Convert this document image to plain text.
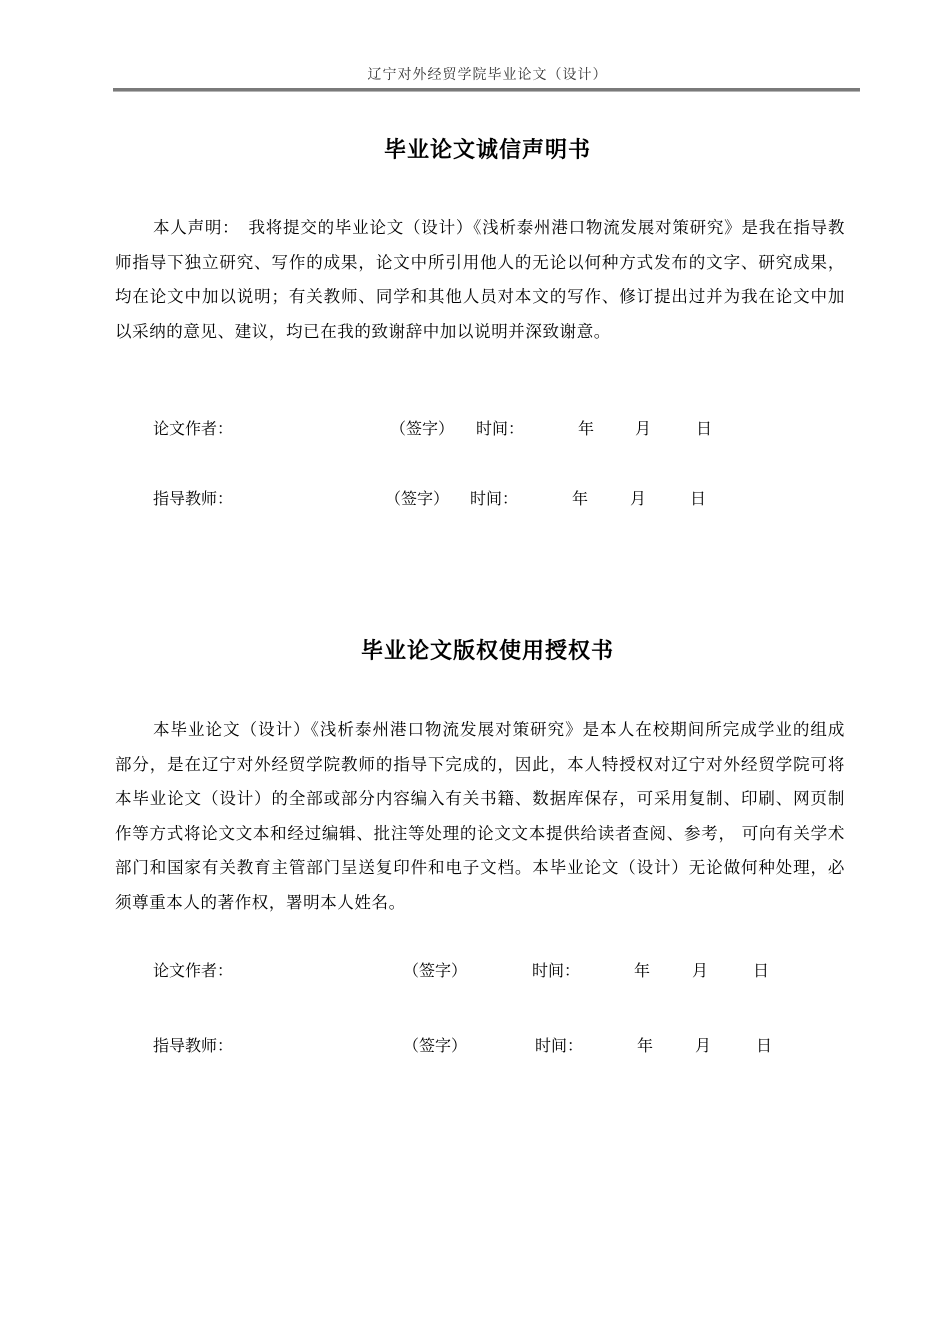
辽宁对外经贸学院毕业论文（设计）
毕业论文诚信声明书

本人声明：　我将提交的毕业论文（设计）《浅析泰州港口物流发展对策研究》是我在指导教师指导下独立研究、写作的成果，论文中所引用他人的无论以何种方式发布的文字、研究成果，均在论文中加以说明；有关教师、同学和其他人员对本文的写作、修订提出过并为我在论文中加以采纳的意见、建议，均已在我的致谢辞中加以说明并深致谢意。

论文作者：	（签字） 时间：	年	月	日
指导教师：	（签字） 时间：	年	月	日
毕业论文版权使用授权书

本毕业论文（设计）《浅析泰州港口物流发展对策研究》是本人在校期间所完成学业的组成部分，是在辽宁对外经贸学院教师的指导下完成的，因此，本人特授权对辽宁对外经贸学院可将本毕业论文（设计）的全部或部分内容编入有关书籍、数据库保存，可采用复制、印刷、网页制作等方式将论文文本和经过编辑、批注等处理的论文文本提供给读者查阅、参考， 可向有关学术部门和国家有关教育主管部门呈送复印件和电子文档。本毕业论文（设计）无论做何种处理，必须尊重本人的著作权，署明本人姓名。

论文作者：	（签字）	时间：	年	月	日
指导教师：	（签字）	时间：	年	月	日
